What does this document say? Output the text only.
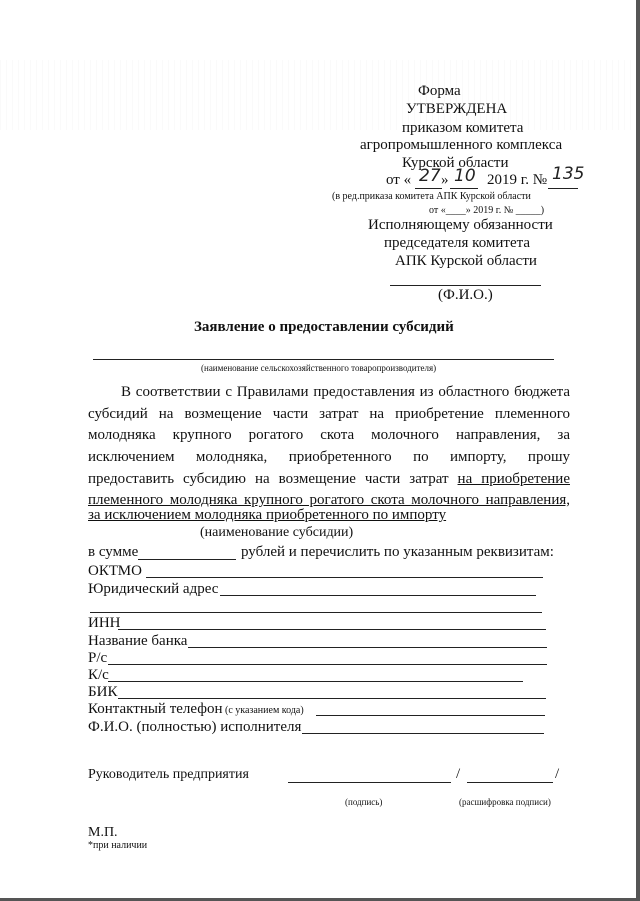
Форма
УТВЕРЖДЕНА
приказом комитета
агропромышленного комплекса
Курской области
от « 27 » 10 2019 г. № 135
(в ред.приказа комитета АПК Курской области
от «____» 2019 г. № _____)
Исполняющему обязанности
председателя комитета
АПК Курской области
(Ф.И.О.)
Заявление о предоставлении субсидий
(наименование сельскохозяйственного товаропроизводителя)
В соответствии с Правилами предоставления из областного бюджета
субсидий на возмещение части затрат на приобретение племенного
молодняка крупного рогатого скота молочного направления, за
исключением молодняка, приобретенного по импорту, прошу
предоставить субсидию на возмещение части затрат на приобретение
племенного молодняка крупного рогатого скота молочного направления,
за исключением молодняка приобретенного по импорту
(наименование субсидии)
в сумме	рублей и перечислить по указанным реквизитам:
ОКТМО
Юридический адрес
ИНН
Название банка
Р/с
К/с
БИК
Контактный телефон (с указанием кода)
Ф.И.О. (полностью) исполнителя
Руководитель предприятия	/	/
(подпись)	(расшифровка подписи)
М.П.
*при наличии
